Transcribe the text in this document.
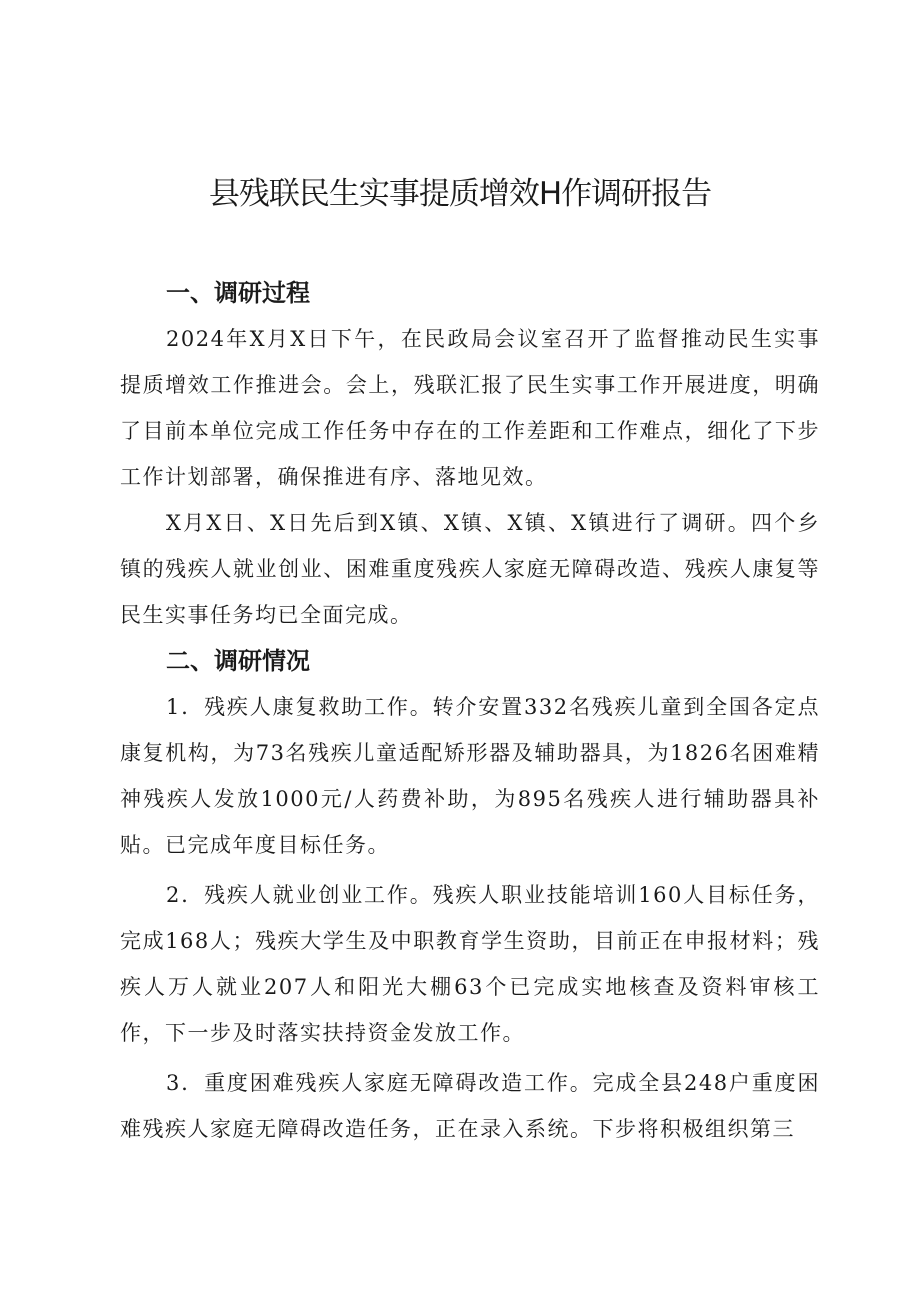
县残联民生实事提质增效H作调研报告
一、调研过程

2024年X月X日下午，在民政局会议室召开了监督推动民生实事提质增效工作推进会。会上，残联汇报了民生实事工作开展进度，明确了目前本单位完成工作任务中存在的工作差距和工作难点，细化了下步工作计划部署，确保推进有序、落地见效。

X月X日、X日先后到X镇、X镇、X镇、X镇进行了调研。四个乡镇的残疾人就业创业、困难重度残疾人家庭无障碍改造、残疾人康复等民生实事任务均已全面完成。

二、调研情况

1．残疾人康复救助工作。转介安置332名残疾儿童到全国各定点康复机构，为73名残疾儿童适配矫形器及辅助器具，为1826名困难精神残疾人发放1000元/人药费补助，为895名残疾人进行辅助器具补贴。已完成年度目标任务。

2．残疾人就业创业工作。残疾人职业技能培训160人目标任务，完成168人；残疾大学生及中职教育学生资助，目前正在申报材料；残疾人万人就业207人和阳光大棚63个已完成实地核查及资料审核工作，下一步及时落实扶持资金发放工作。

3．重度困难残疾人家庭无障碍改造工作。完成全县248户重度困难残疾人家庭无障碍改造任务，正在录入系统。下步将积极组织第三
